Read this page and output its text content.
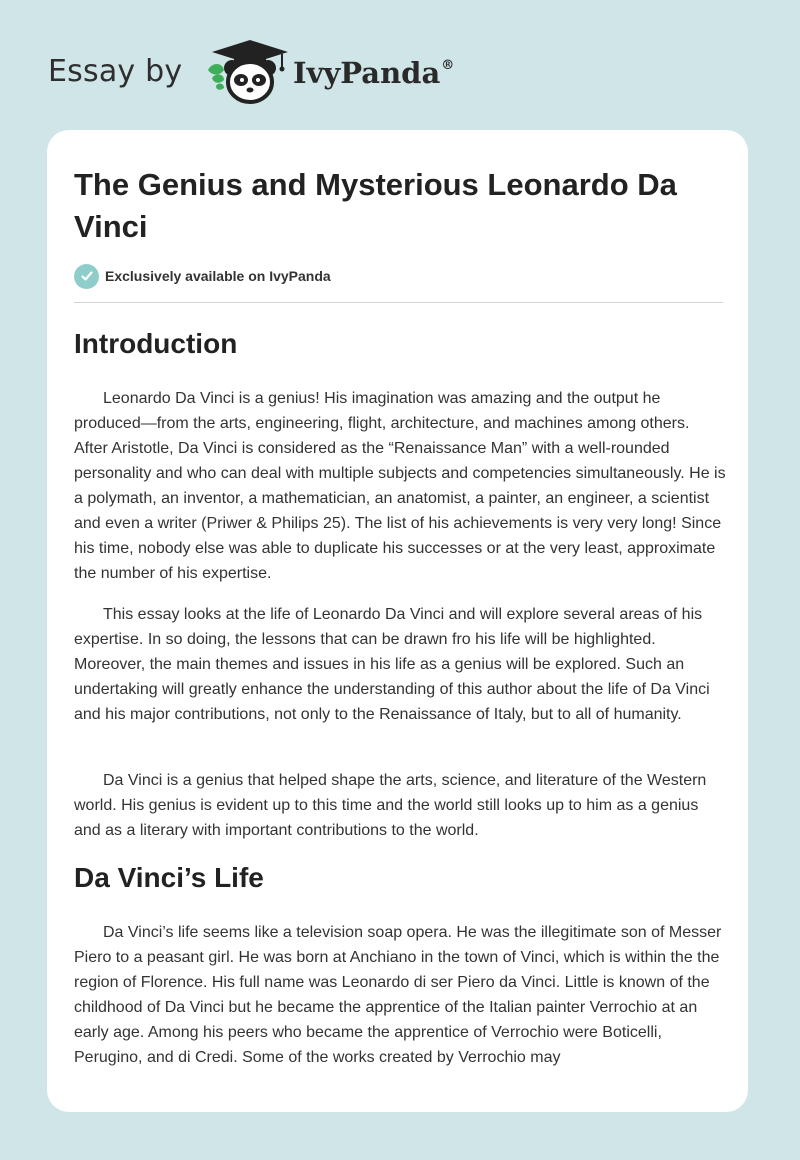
Essay by	IvyPanda®
The Genius and Mysterious Leonardo Da Vinci
Exclusively available on IvyPanda
Introduction

Leonardo Da Vinci is a genius! His imagination was amazing and the output he produced—from the arts, engineering, flight, architecture, and machines among others. After Aristotle, Da Vinci is considered as the “Renaissance Man” with a well-rounded personality and who can deal with multiple subjects and competencies simultaneously. He is a polymath, an inventor, a mathematician, an anatomist, a painter, an engineer, a scientist and even a writer (Priwer & Philips 25). The list of his achievements is very very long! Since his time, nobody else was able to duplicate his successes or at the very least, approximate the number of his expertise.

This essay looks at the life of Leonardo Da Vinci and will explore several areas of his expertise. In so doing, the lessons that can be drawn fro his life will be highlighted. Moreover, the main themes and issues in his life as a genius will be explored. Such an undertaking will greatly enhance the understanding of this author about the life of Da Vinci and his major contributions, not only to the Renaissance of Italy, but to all of humanity.

Da Vinci is a genius that helped shape the arts, science, and literature of the Western world. His genius is evident up to this time and the world still looks up to him as a genius and as a literary with important contributions to the world.

Da Vinci’s Life

Da Vinci’s life seems like a television soap opera. He was the illegitimate son of Messer Piero to a peasant girl. He was born at Anchiano in the town of Vinci, which is within the the region of Florence. His full name was Leonardo di ser Piero da Vinci. Little is known of the childhood of Da Vinci but he became the apprentice of the Italian painter Verrochio at an early age. Among his peers who became the apprentice of Verrochio were Boticelli, Perugino, and di Credi. Some of the works created by Verrochio may
